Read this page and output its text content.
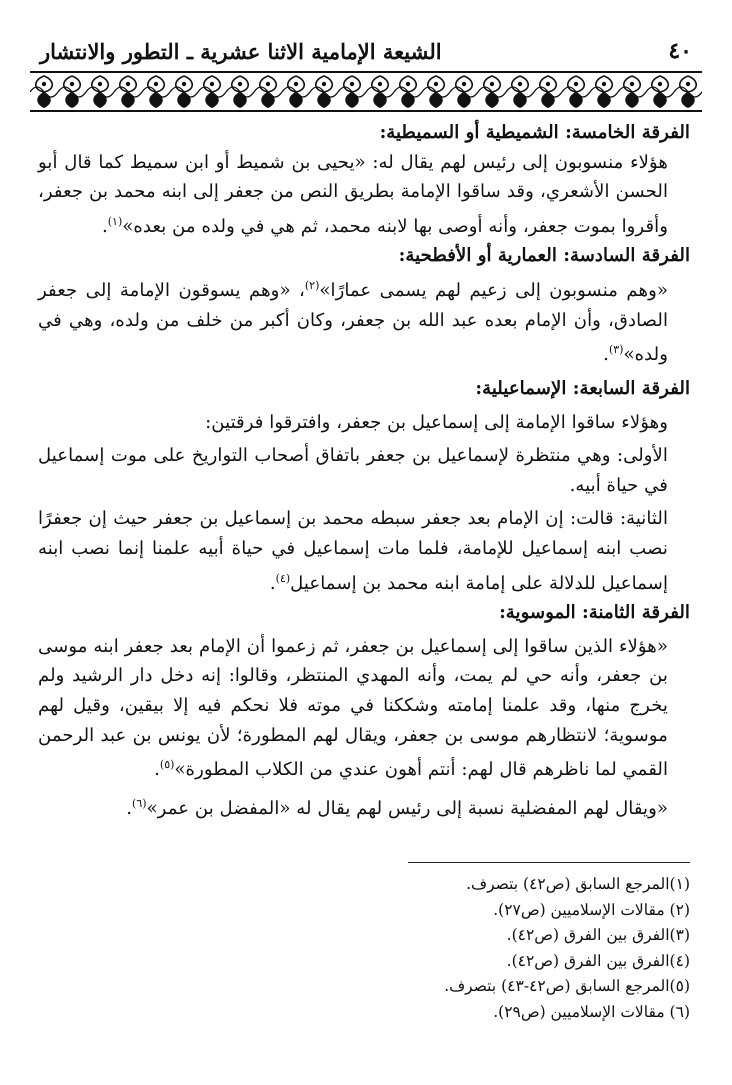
٤٠
الشيعة الإمامية الاثنا عشرية ـ التطور والانتشار

الفرقة الخامسة: الشميطية أو السميطية:

هؤلاء منسوبون إلى رئيس لهم يقال له: «يحيى بن شميط أو ابن سميط كما قال أبو الحسن الأشعري، وقد ساقوا الإمامة بطريق النص من جعفر إلى ابنه محمد بن جعفر، وأقروا بموت جعفر، وأنه أوصى بها لابنه محمد، ثم هي في ولده من بعده»$^{(١)}$.

الفرقة السادسة: العمارية أو الأفطحية:

«وهم منسوبون إلى زعيم لهم يسمى عمارًا»$^{(٢)}$، «وهم يسوقون الإمامة إلى جعفر الصادق، وأن الإمام بعده عبد الله بن جعفر، وكان أكبر من خلف من ولده، وهي في ولده»$^{(٣)}$.

الفرقة السابعة: الإسماعيلية:

وهؤلاء ساقوا الإمامة إلى إسماعيل بن جعفر، وافترقوا فرقتين:

الأولى: وهي منتظرة لإسماعيل بن جعفر باتفاق أصحاب التواريخ على موت إسماعيل في حياة أبيه.

الثانية: قالت: إن الإمام بعد جعفر سبطه محمد بن إسماعيل بن جعفر حيث إن جعفرًا نصب ابنه إسماعيل للإمامة، فلما مات إسماعيل في حياة أبيه علمنا إنما نصب ابنه إسماعيل للدلالة على إمامة ابنه محمد بن إسماعيل$^{(٤)}$.

الفرقة الثامنة: الموسوية:

«هؤلاء الذين ساقوا إلى إسماعيل بن جعفر، ثم زعموا أن الإمام بعد جعفر ابنه موسى بن جعفر، وأنه حي لم يمت، وأنه المهدي المنتظر، وقالوا: إنه دخل دار الرشيد ولم يخرج منها، وقد علمنا إمامته وشككنا في موته فلا نحكم فيه إلا بيقين، وقيل لهم موسوية؛ لانتظارهم موسى بن جعفر، ويقال لهم المطورة؛ لأن يونس بن عبد الرحمن القمي لما ناظرهم قال لهم: أنتم أهون عندي من الكلاب المطورة»$^{(٥)}$.

«ويقال لهم المفضلية نسبة إلى رئيس لهم يقال له «المفضل بن عمر»$^{(٦)}$.

(١)المرجع السابق (ص٤٢) بتصرف.
(٢) مقالات الإسلاميين (ص٢٧).
(٣)الفرق بين الفرق (ص٤٢).
(٤)الفرق بين الفرق (ص٤٢).
(٥)المرجع السابق (ص٤٢-٤٣) بتصرف.
(٦) مقالات الإسلاميين (ص٢٩).
